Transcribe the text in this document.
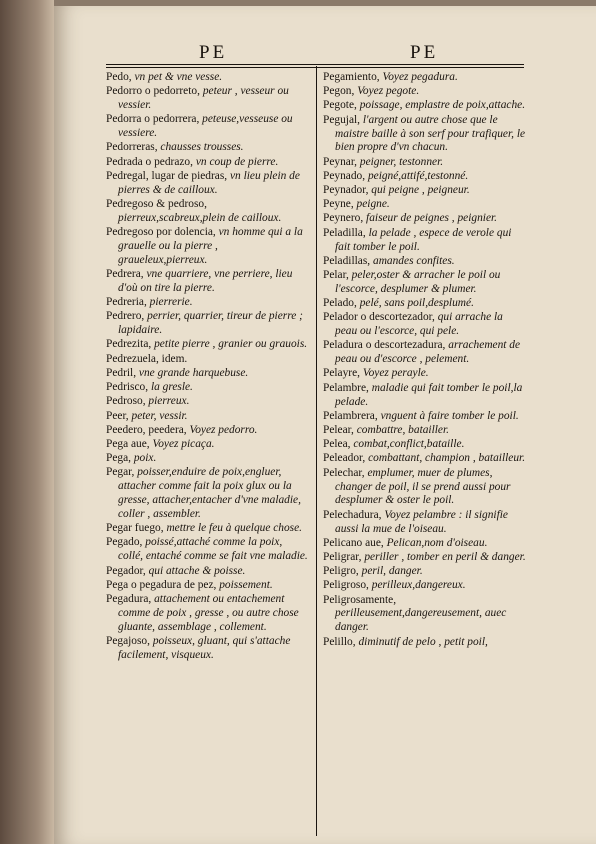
PE	PE
Pedo, vn pet & vne vesse.
Pedorro o pedorreto, peteur , vesseur ou vessier.
Pedorra o pedorrera, peteuse,vesseuse ou vessiere.
Pedorreras, chausses trousses.
Pedrada o pedrazo, vn coup de pierre.
Pedregal, lugar de piedras, vn lieu plein de pierres & de cailloux.
Pedregoso & pedroso, pierreux,scabreux,plein de cailloux.
Pedregoso por dolencia, vn homme qui a la grauelle ou la pierre , graueleux,pierreux.
Pedrera, vne quarriere, vne perriere, lieu d'où on tire la pierre.
Pedreria, pierrerie.
Pedrero, perrier, quarrier, tireur de pierre ; lapidaire.
Pedrezita, petite pierre , granier ou grauois.
Pedrezuela, idem.
Pedril, vne grande harquebuse.
Pedrisco, la gresle.
Pedroso, pierreux.
Peer, peter, vessir.
Peedero, peedera, Voyez pedorro.
Pega aue, Voyez picaça.
Pega, poix.
Pegar, poisser,enduire de poix,engluer, attacher comme fait la poix glux ou la gresse, attacher,entacher d'vne maladie, coller , assembler.
Pegar fuego, mettre le feu à quelque chose.
Pegado, poissé,attaché comme la poix, collé, entaché comme se fait vne maladie.
Pegador, qui attache & poisse.
Pega o pegadura de pez, poissement.
Pegadura, attachement ou entachement comme de poix , gresse , ou autre chose gluante, assemblage , collement.
Pegajoso, poisseux, gluant, qui s'attache facilement, visqueux.
Pegamiento, Voyez pegadura.
Pegon, Voyez pegote.
Pegote, poissage, emplastre de poix,attache.
Pegujal, l'argent ou autre chose que le maistre baille à son serf pour trafiquer, le bien propre d'vn chacun.
Peynar, peigner, testonner.
Peynado, peigné,attifé,testonné.
Peynador, qui peigne , peigneur.
Peyne, peigne.
Peynero, faiseur de peignes , peignier.
Peladilla, la pelade , espece de verole qui fait tomber le poil.
Peladillas, amandes confites.
Pelar, peler,oster & arracher le poil ou l'escorce, desplumer & plumer.
Pelado, pelé, sans poil,desplumé.
Pelador o descortezador, qui arrache la peau ou l'escorce, qui pele.
Peladura o descortezadura, arrachement de peau ou d'escorce , pelement.
Pelayre, Voyez perayle.
Pelambre, maladie qui fait tomber le poil,la pelade.
Pelambrera, vnguent à faire tomber le poil.
Pelear, combattre, batailler.
Pelea, combat,conflict,bataille.
Peleador, combattant, champion , batailleur.
Pelechar, emplumer, muer de plumes, changer de poil, il se prend aussi pour desplumer & oster le poil.
Pelechadura, Voyez pelambre : il signifie aussi la mue de l'oiseau.
Pelicano aue, Pelican,nom d'oiseau.
Peligrar, periller , tomber en peril & danger.
Peligro, peril, danger.
Peligroso, perilleux,dangereux.
Peligrosamente, perilleusement,dangereusement, auec danger.
Pelillo, diminutif de pelo , petit poil,
